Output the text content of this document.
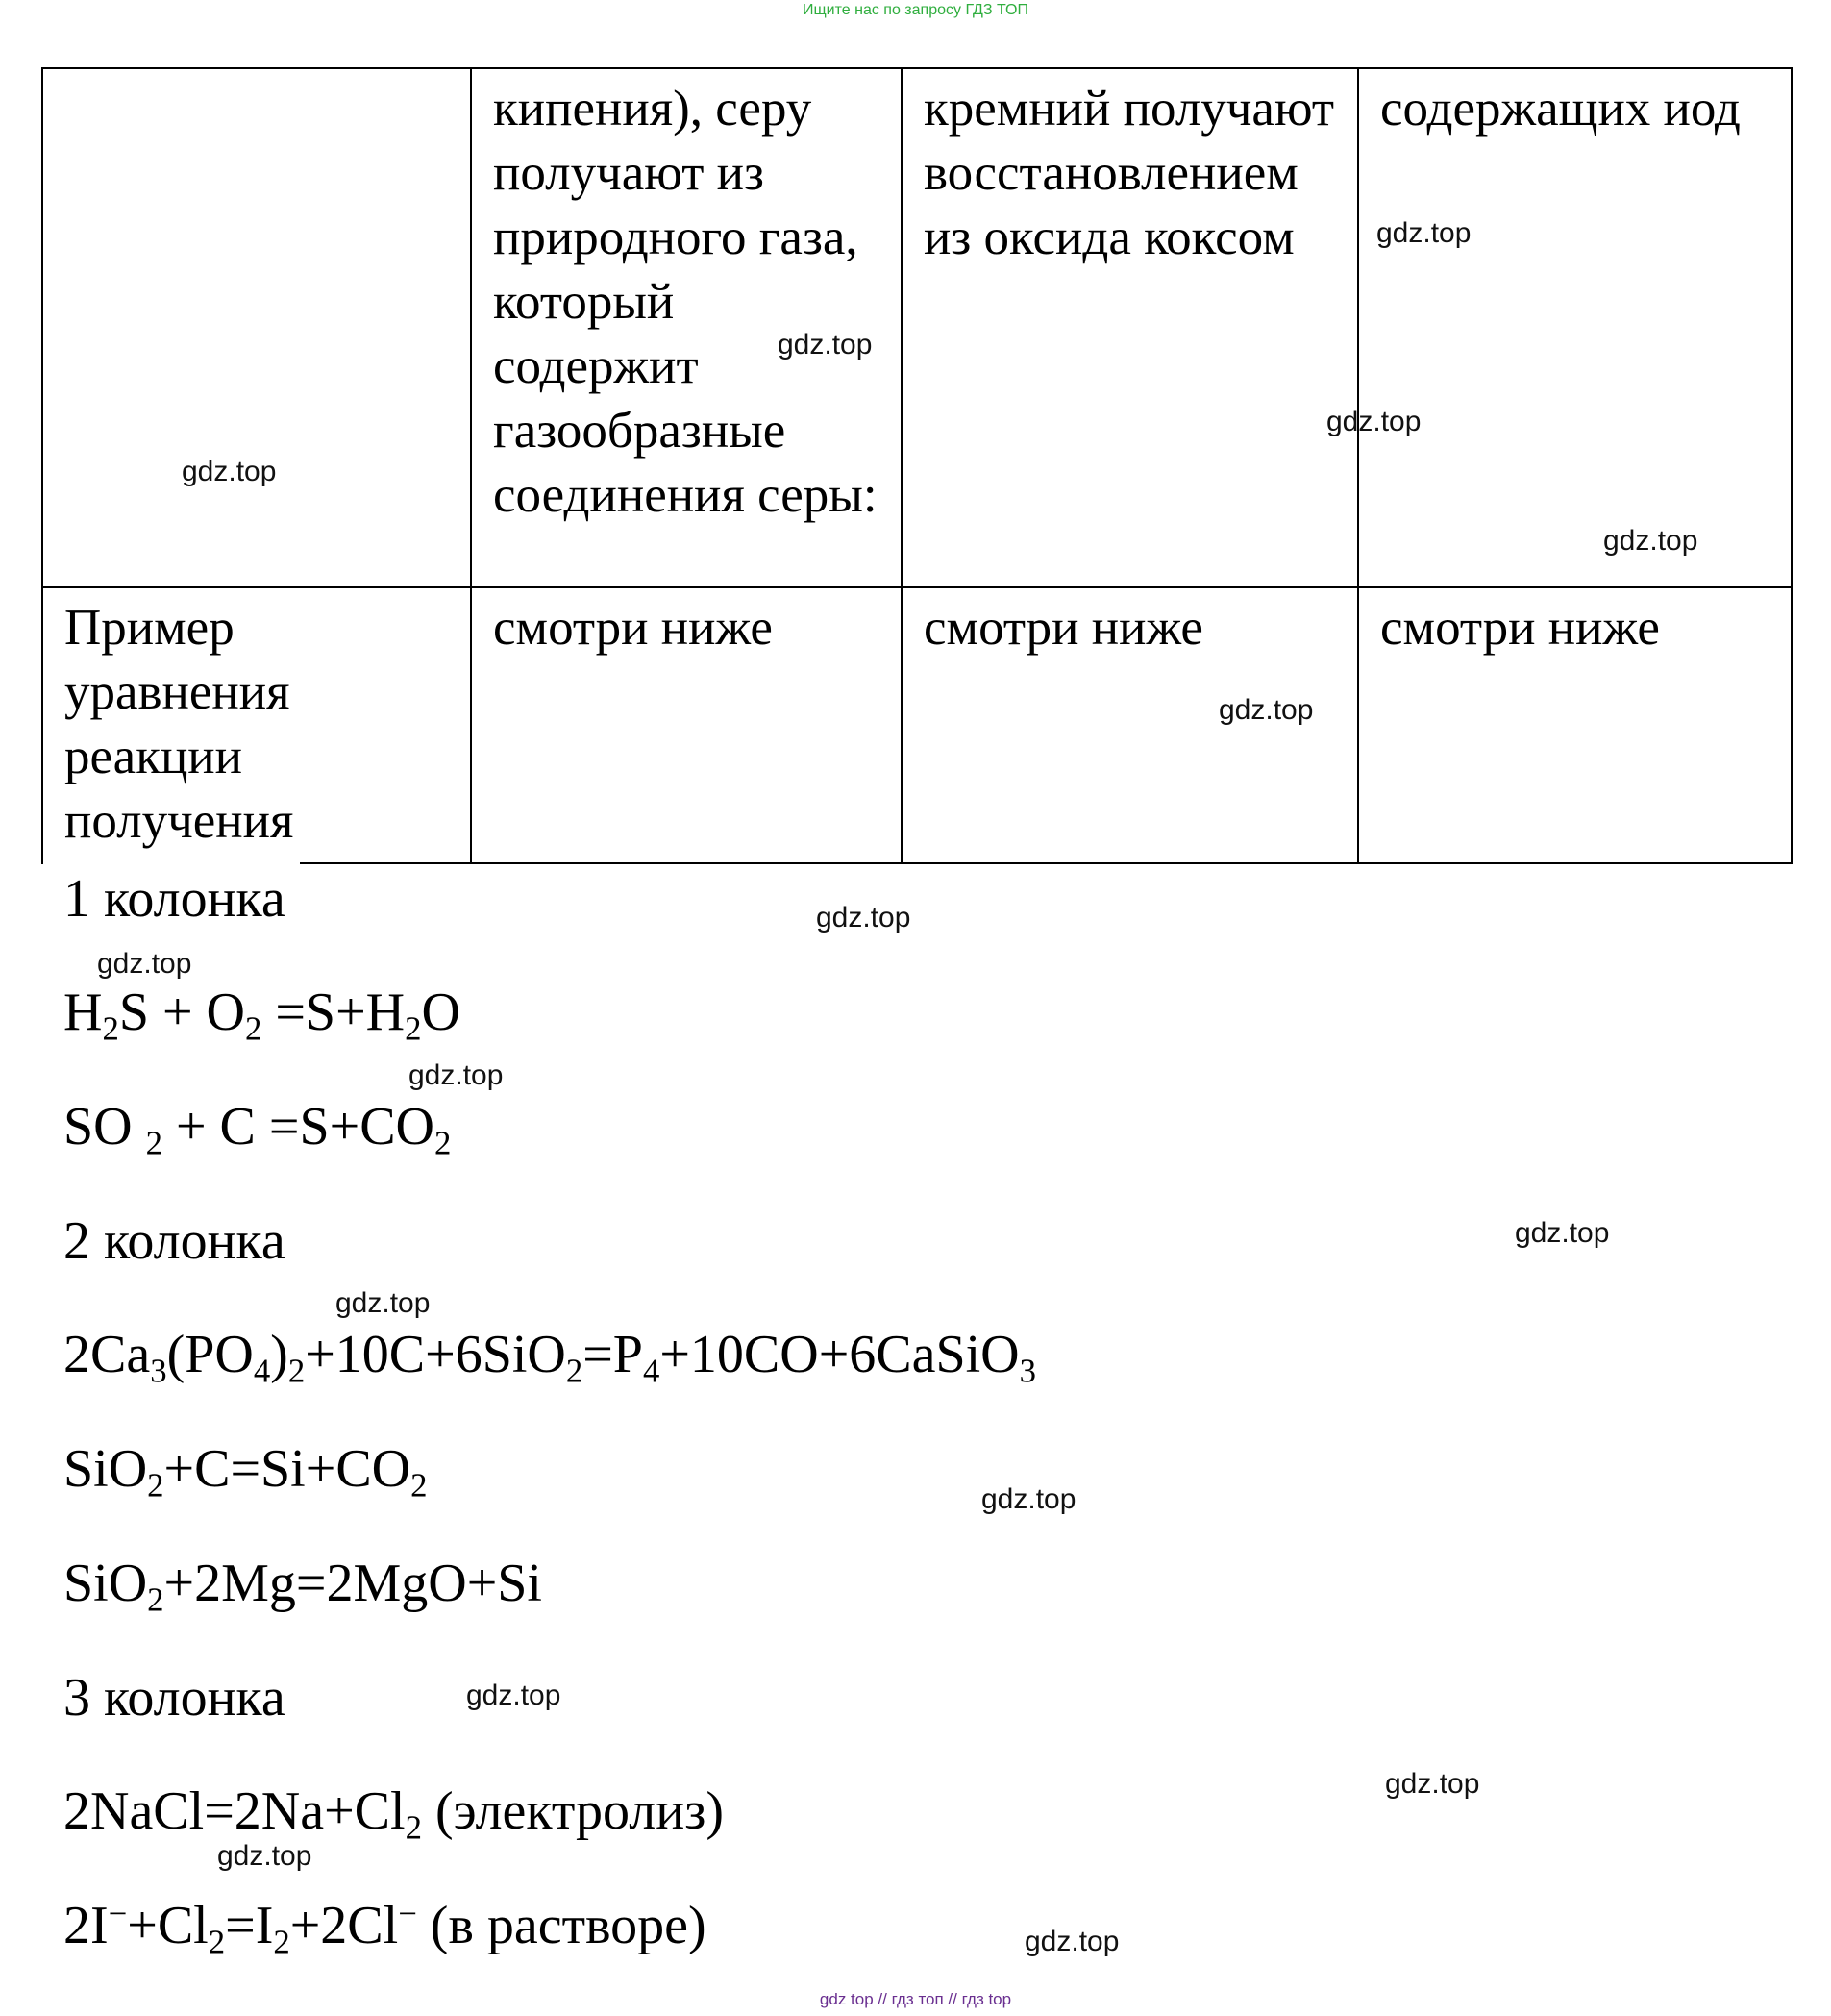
Ищите нас по запросу ГДЗ ТОП
	кипения), серу получают из природного газа, который содержит газообразные соединения серы:	кремний получают восстановлением из оксида коксом	содержащих иод
Пример уравнения реакции получения	смотри ниже	смотри ниже	смотри ниже
1 колонка
$H_2S + O_2 =S+H_2O$
SO $_2 + C =S+CO_2$
2 колонка
$2Ca_3(PO_4)_2+10C+6SiO_2=P_4+10CO+6CaSiO_3$
$SiO_2+C=Si+CO_2$
SiO$_2$+2Mg=2MgO+Si
3 колонка
$2NaCl=2Na+Cl_2$ (электролиз)
$2I^-+Cl_2=I_2+2Cl^-$ (в растворе)
gdz.top
gdz.top
gdz.top
gdz.top
gdz.top
gdz.top
gdz.top
gdz.top
gdz.top
gdz.top
gdz.top
gdz.top
gdz.top
gdz.top
gdz.top
gdz.top
gdz top // гдз топ // гдз top
